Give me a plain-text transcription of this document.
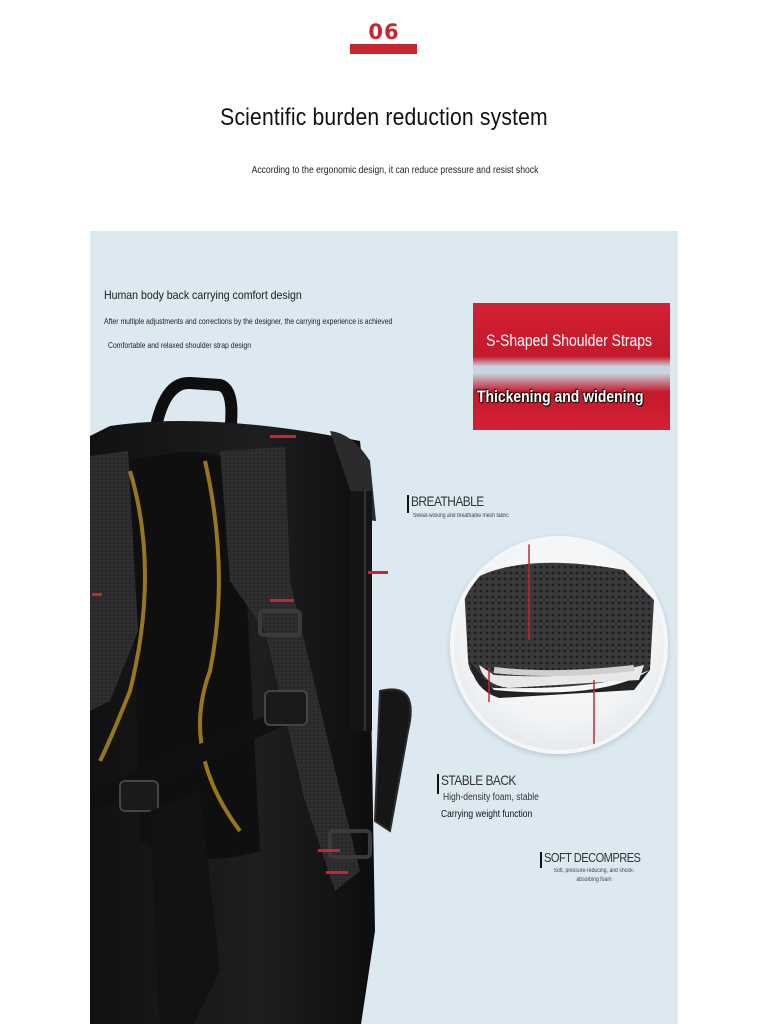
06
Scientific burden reduction system
According to the ergonomic design, it can reduce pressure and resist shock
Human body back carrying comfort design
After multiple adjustments and corrections by the designer, the carrying experience is achieved
Comfortable and relaxed shoulder strap design	S-Shaped Shoulder Straps
Thickening and widening
BREATHABLE
Sweat-wicking and breathable mesh fabric
STABLE BACK
High-density foam, stable
Carrying weight function
SOFT DECOMPRES
Soft, pressure-reducing, and shock-absorbing foam
